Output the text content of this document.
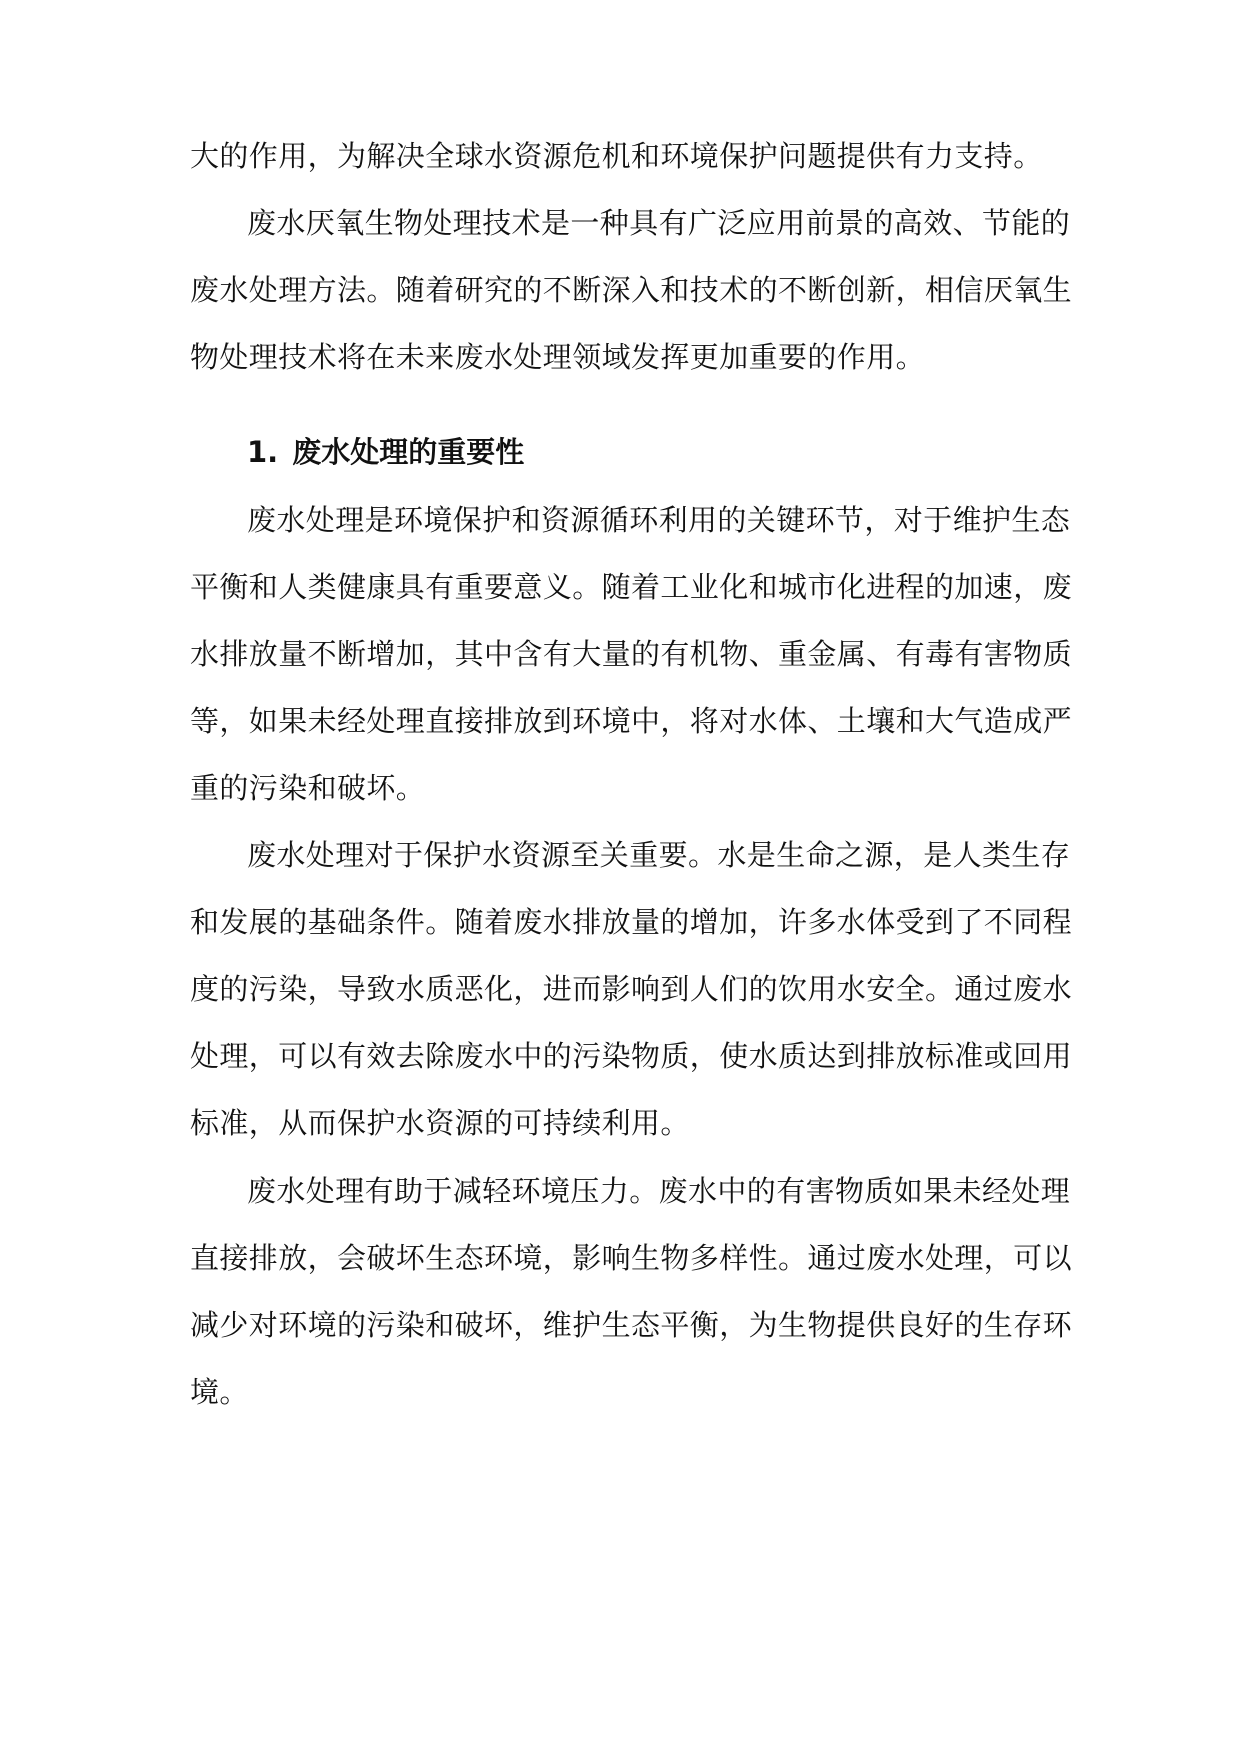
大的作用，为解决全球水资源危机和环境保护问题提供有力支持。
废水厌氧生物处理技术是一种具有广泛应用前景的高效、节能的
废水处理方法。随着研究的不断深入和技术的不断创新，相信厌氧生
物处理技术将在未来废水处理领域发挥更加重要的作用。
1. 废水处理的重要性
废水处理是环境保护和资源循环利用的关键环节，对于维护生态
平衡和人类健康具有重要意义。随着工业化和城市化进程的加速，废
水排放量不断增加，其中含有大量的有机物、重金属、有毒有害物质
等，如果未经处理直接排放到环境中，将对水体、土壤和大气造成严
重的污染和破坏。
废水处理对于保护水资源至关重要。水是生命之源，是人类生存
和发展的基础条件。随着废水排放量的增加，许多水体受到了不同程
度的污染，导致水质恶化，进而影响到人们的饮用水安全。通过废水
处理，可以有效去除废水中的污染物质，使水质达到排放标准或回用
标准，从而保护水资源的可持续利用。
废水处理有助于减轻环境压力。废水中的有害物质如果未经处理
直接排放，会破坏生态环境，影响生物多样性。通过废水处理，可以
减少对环境的污染和破坏，维护生态平衡，为生物提供良好的生存环
境。
